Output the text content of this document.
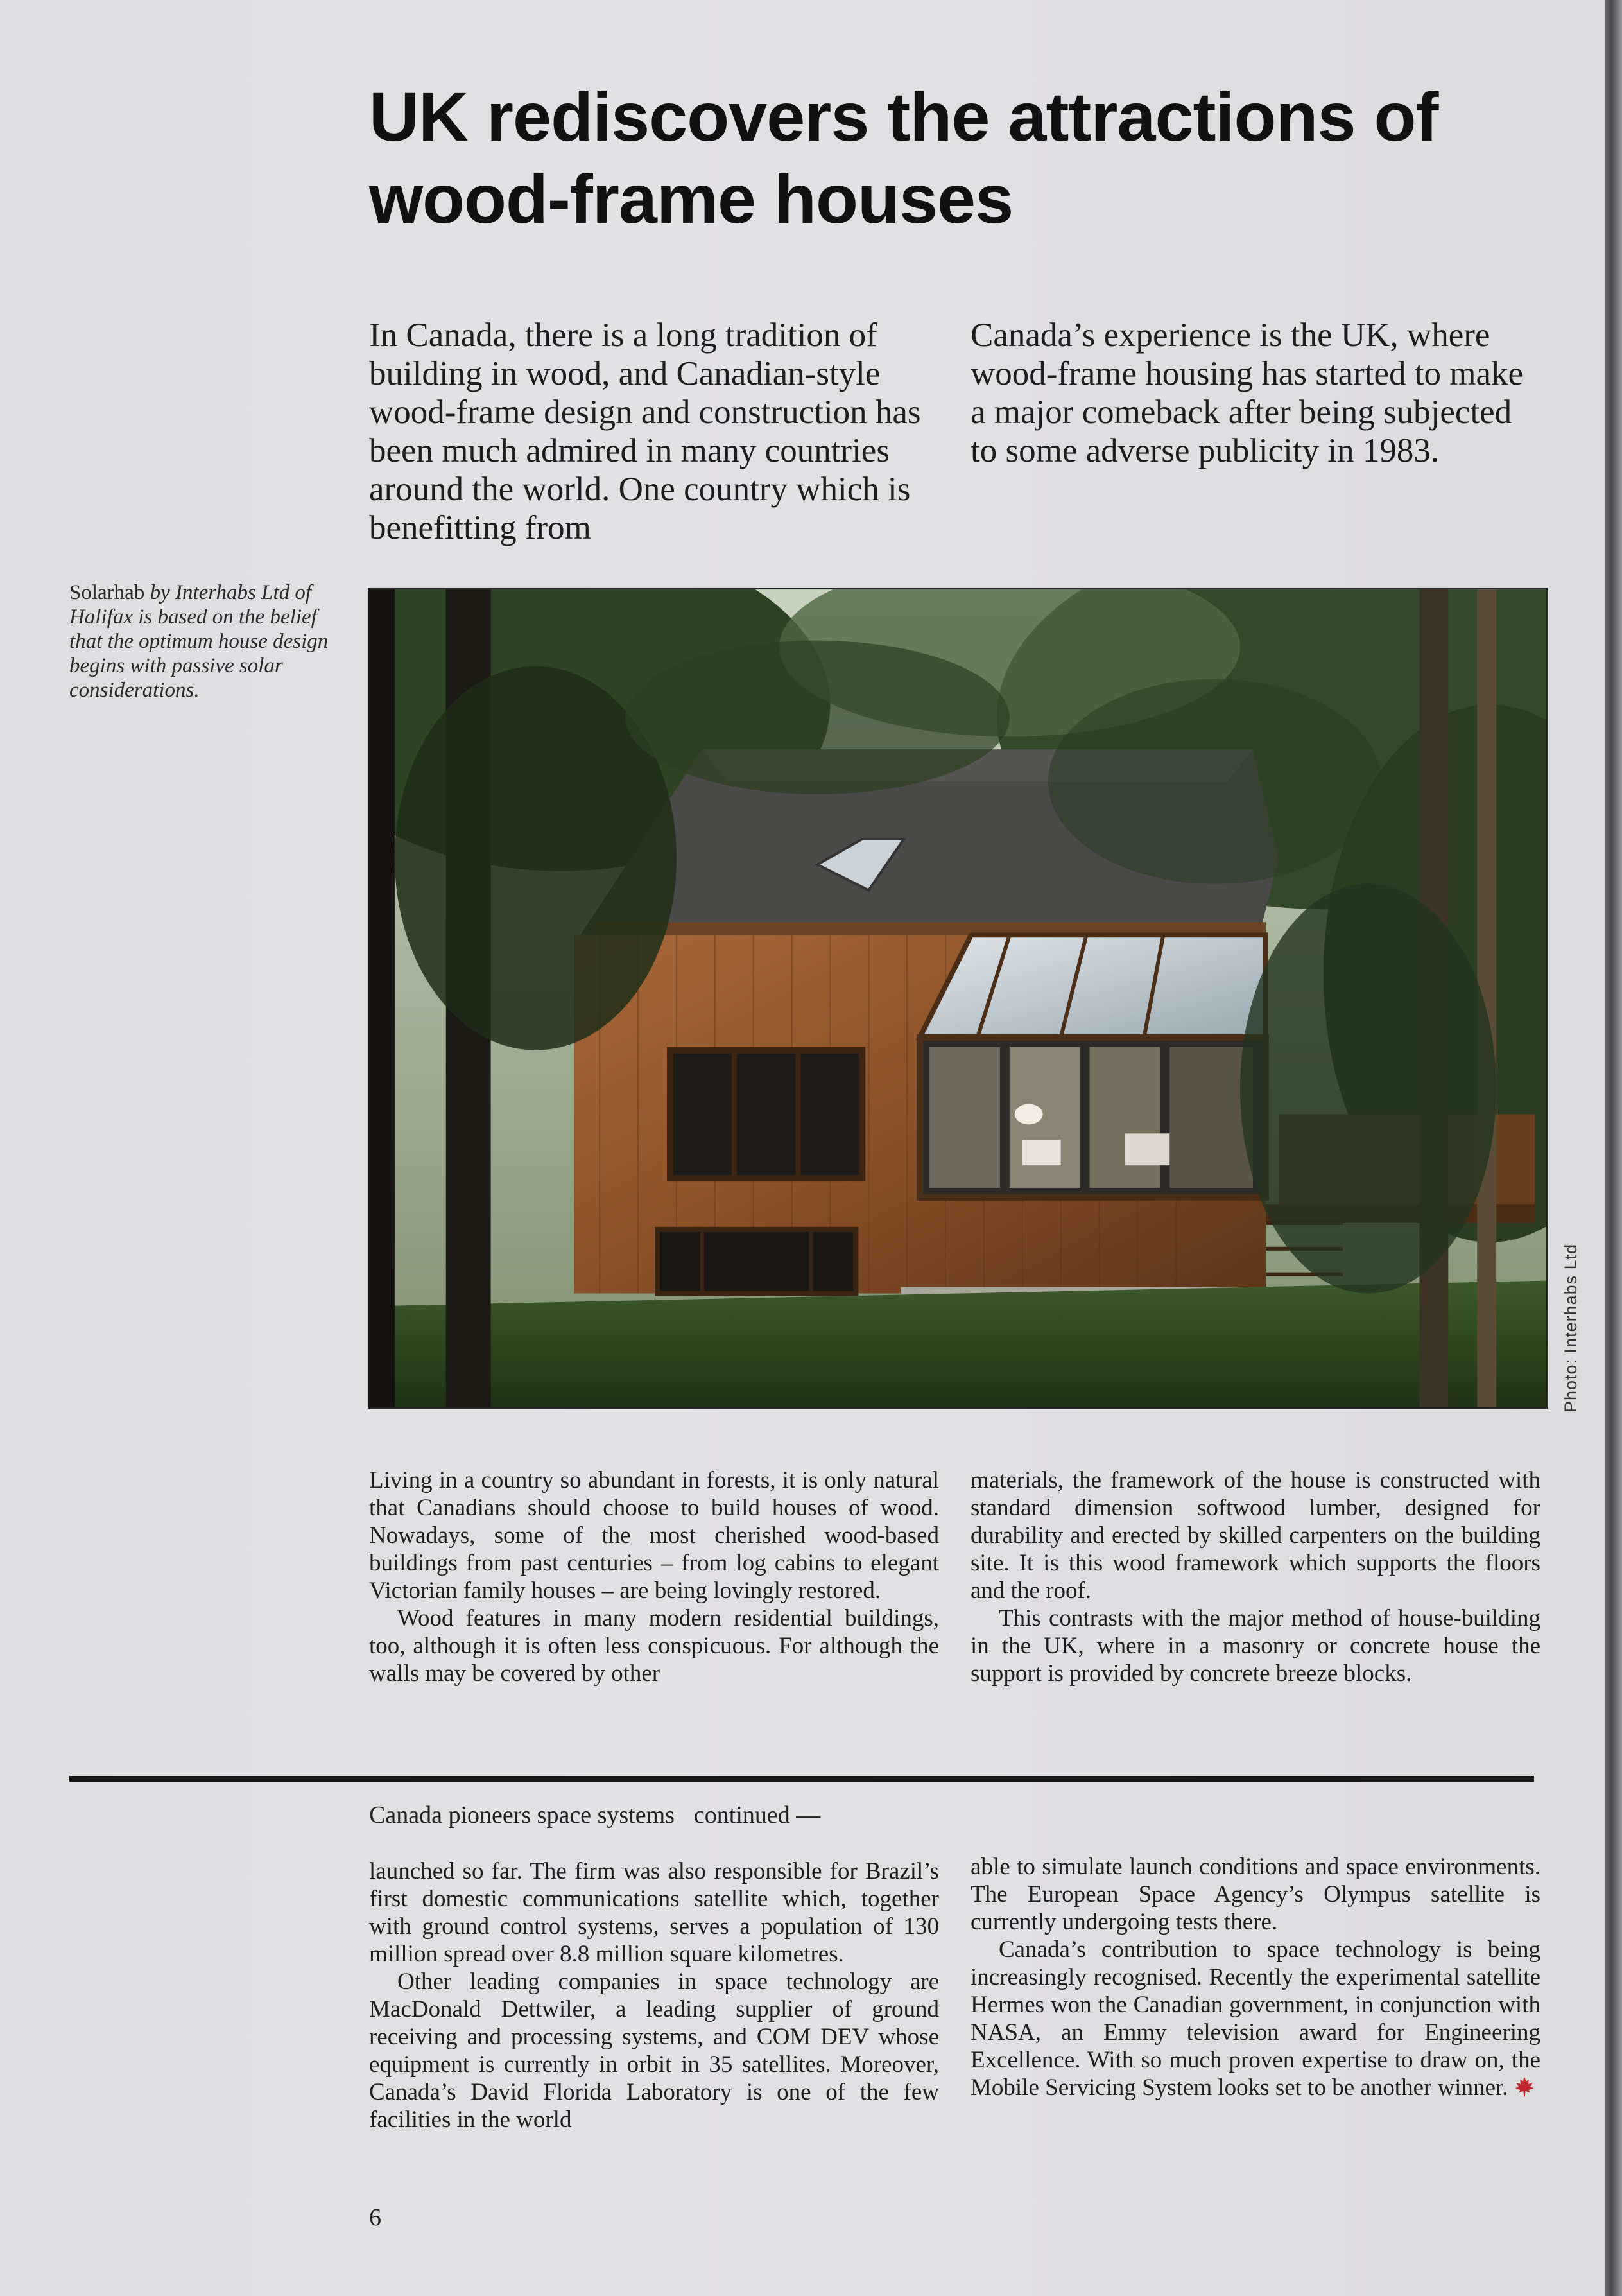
UK rediscovers the attractions of wood-frame houses

In Canada, there is a long tradition of building in wood, and Canadian-style wood-frame design and construction has been much admired in many countries around the world. One country which is benefitting from

Canada’s experience is the UK, where wood-frame housing has started to make a major comeback after being subjected to some adverse publicity in 1983.

Solarhab by Interhabs Ltd of Halifax is based on the belief that the optimum house design begins with passive solar considerations.

Photo: Interhabs Ltd

Living in a country so abundant in forests, it is only natural that Canadians should choose to build houses of wood. Nowadays, some of the most cherished wood-based buildings from past centuries – from log cabins to elegant Victorian family houses – are being lovingly restored.

Wood features in many modern residential buildings, too, although it is often less conspicuous. For although the walls may be covered by other

materials, the framework of the house is constructed with standard dimension softwood lumber, designed for durability and erected by skilled carpenters on the building site. It is this wood framework which supports the floors and the roof.

This contrasts with the major method of house-building in the UK, where in a masonry or concrete house the support is provided by concrete breeze blocks.

Canada pioneers space systems continued —

launched so far. The firm was also responsible for Brazil’s first domestic communications satellite which, together with ground control systems, serves a population of 130 million spread over 8.8 million square kilometres.

Other leading companies in space technology are MacDonald Dettwiler, a leading supplier of ground receiving and processing systems, and COM DEV whose equipment is currently in orbit in 35 satellites. Moreover, Canada’s David Florida Laboratory is one of the few facilities in the world

able to simulate launch conditions and space environments. The European Space Agency’s Olympus satellite is currently undergoing tests there.

Canada’s contribution to space technology is being increasingly recognised. Recently the experimental satellite Hermes won the Canadian government, in conjunction with NASA, an Emmy television award for Engineering Excellence. With so much proven expertise to draw on, the Mobile Servicing System looks set to be another winner.

6
